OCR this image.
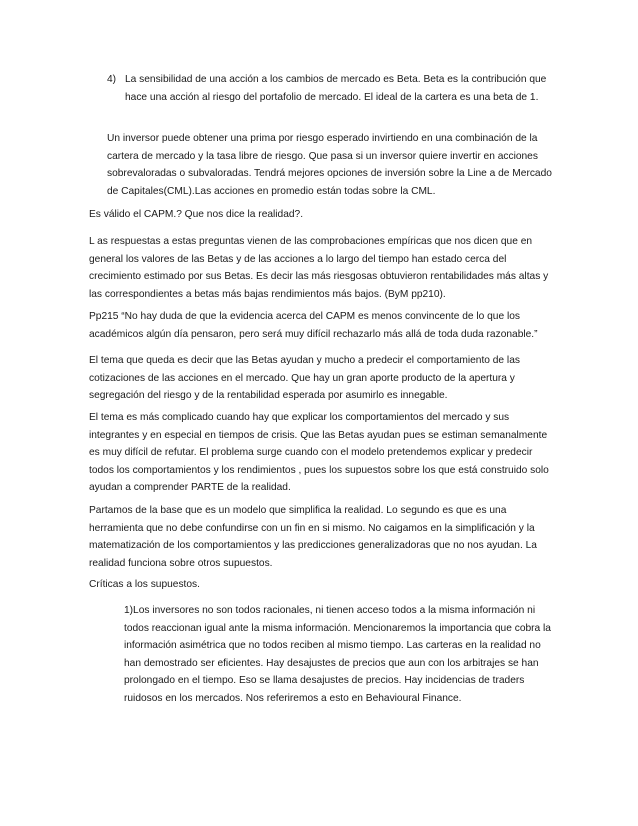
4) La sensibilidad de una acción a los cambios de mercado es Beta. Beta es la contribución que hace una acción al riesgo del portafolio de mercado. El ideal de la cartera es una beta de 1.

Un inversor puede obtener una prima por riesgo esperado invirtiendo en una combinación de la cartera de mercado y la tasa libre de riesgo. Que pasa si un inversor quiere invertir en acciones sobrevaloradas o subvaloradas. Tendrá mejores opciones de inversión sobre la Line a de Mercado de Capitales(CML).Las acciones en promedio están todas sobre la CML.

Es válido el CAPM.? Que nos dice la realidad?.

L as respuestas a estas preguntas vienen de las comprobaciones empíricas que nos dicen que en general los valores de las Betas y de las acciones a lo largo del tiempo han estado cerca del crecimiento estimado por sus Betas. Es decir las más riesgosas obtuvieron rentabilidades más altas y las correspondientes a betas más bajas rendimientos más bajos. (ByM pp210).

Pp215 “No hay duda de que la evidencia acerca del CAPM es menos convincente de lo que los académicos algún día pensaron, pero será muy difícil rechazarlo más allá de toda duda razonable.”

El tema que queda es decir que las Betas ayudan y mucho a predecir el comportamiento de las cotizaciones de las acciones en el mercado. Que hay un gran aporte producto de la apertura y segregación del riesgo y de la rentabilidad esperada por asumirlo es innegable.

El tema es más complicado cuando hay que explicar los comportamientos del mercado y sus integrantes y en especial en tiempos de crisis. Que las Betas ayudan pues se estiman semanalmente es muy difícil de refutar. El problema surge cuando con el modelo pretendemos explicar y predecir todos los comportamientos y los rendimientos , pues los supuestos sobre los que está construido solo ayudan a comprender PARTE de la realidad.

Partamos de la base que es un modelo que simplifica la realidad. Lo segundo es que es una herramienta que no debe confundirse con un fin en si mismo. No caigamos en la simplificación y la matematización de los comportamientos y las predicciones generalizadoras que no nos ayudan. La realidad funciona sobre otros supuestos.

Críticas a los supuestos.

1)Los inversores no son todos racionales, ni tienen acceso todos a la misma información ni todos reaccionan igual ante la misma información. Mencionaremos la importancia que cobra la información asimétrica que no todos reciben al mismo tiempo. Las carteras en la realidad no han demostrado ser eficientes. Hay desajustes de precios que aun con los arbitrajes se han prolongado en el tiempo. Eso se llama desajustes de precios. Hay incidencias de traders ruidosos en los mercados. Nos referiremos a esto en Behavioural Finance.
